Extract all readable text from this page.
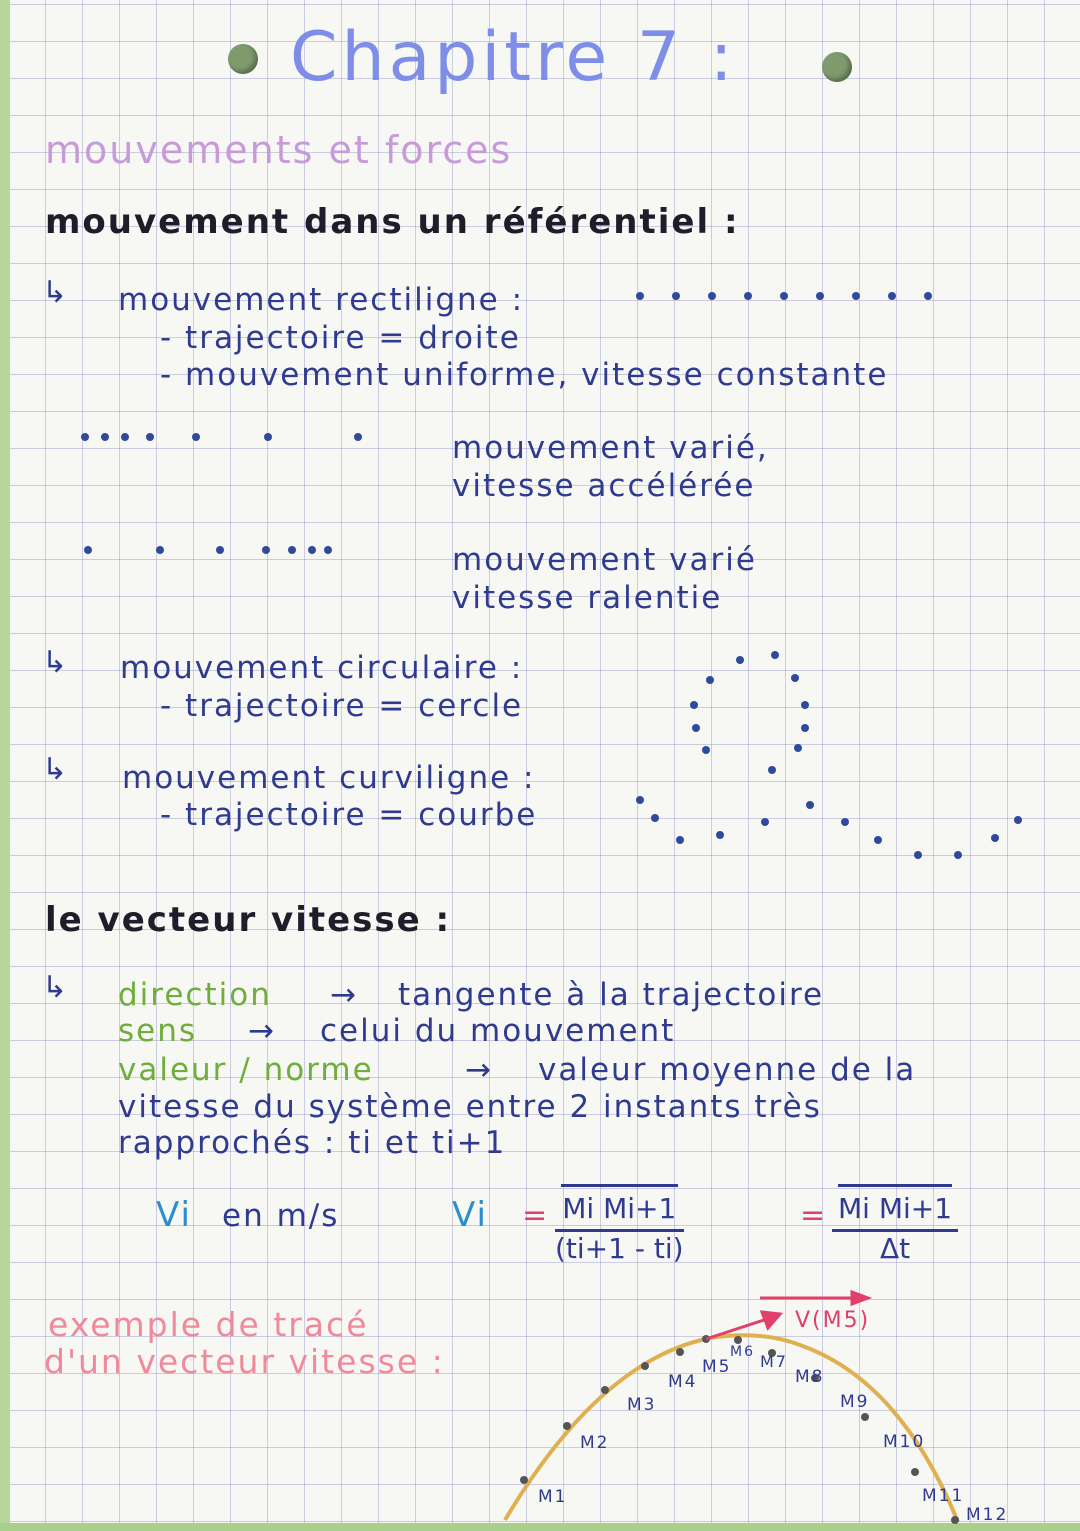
Chapitre 7 :
mouvements et forces
mouvement dans un référentiel :
↳ mouvement rectiligne :
- trajectoire = droite
- mouvement uniforme, vitesse constante
mouvement varié,
vitesse accélérée
mouvement varié
vitesse ralentie
↳ mouvement circulaire :
- trajectoire = cercle
↳ mouvement curviligne :
- trajectoire = courbe
le vecteur vitesse :
↳ direction → tangente à la trajectoire
sens → celui du mouvement
valeur / norme	→ valeur moyenne de la
vitesse du système entre 2 instants très
rapprochés : ti et ti+1
Vi en m/s	$Vi = \frac{\text{Mi Mi+1}}{(ti+1 - ti)}$	= $\frac{\text{Mi Mi+1}}{\Delta t}$
exemple de tracé
d'un vecteur vitesse :
V(M5)
M1
M2
M3
M4
M5
M6 M7
M8
M9
M10
M11
M12
